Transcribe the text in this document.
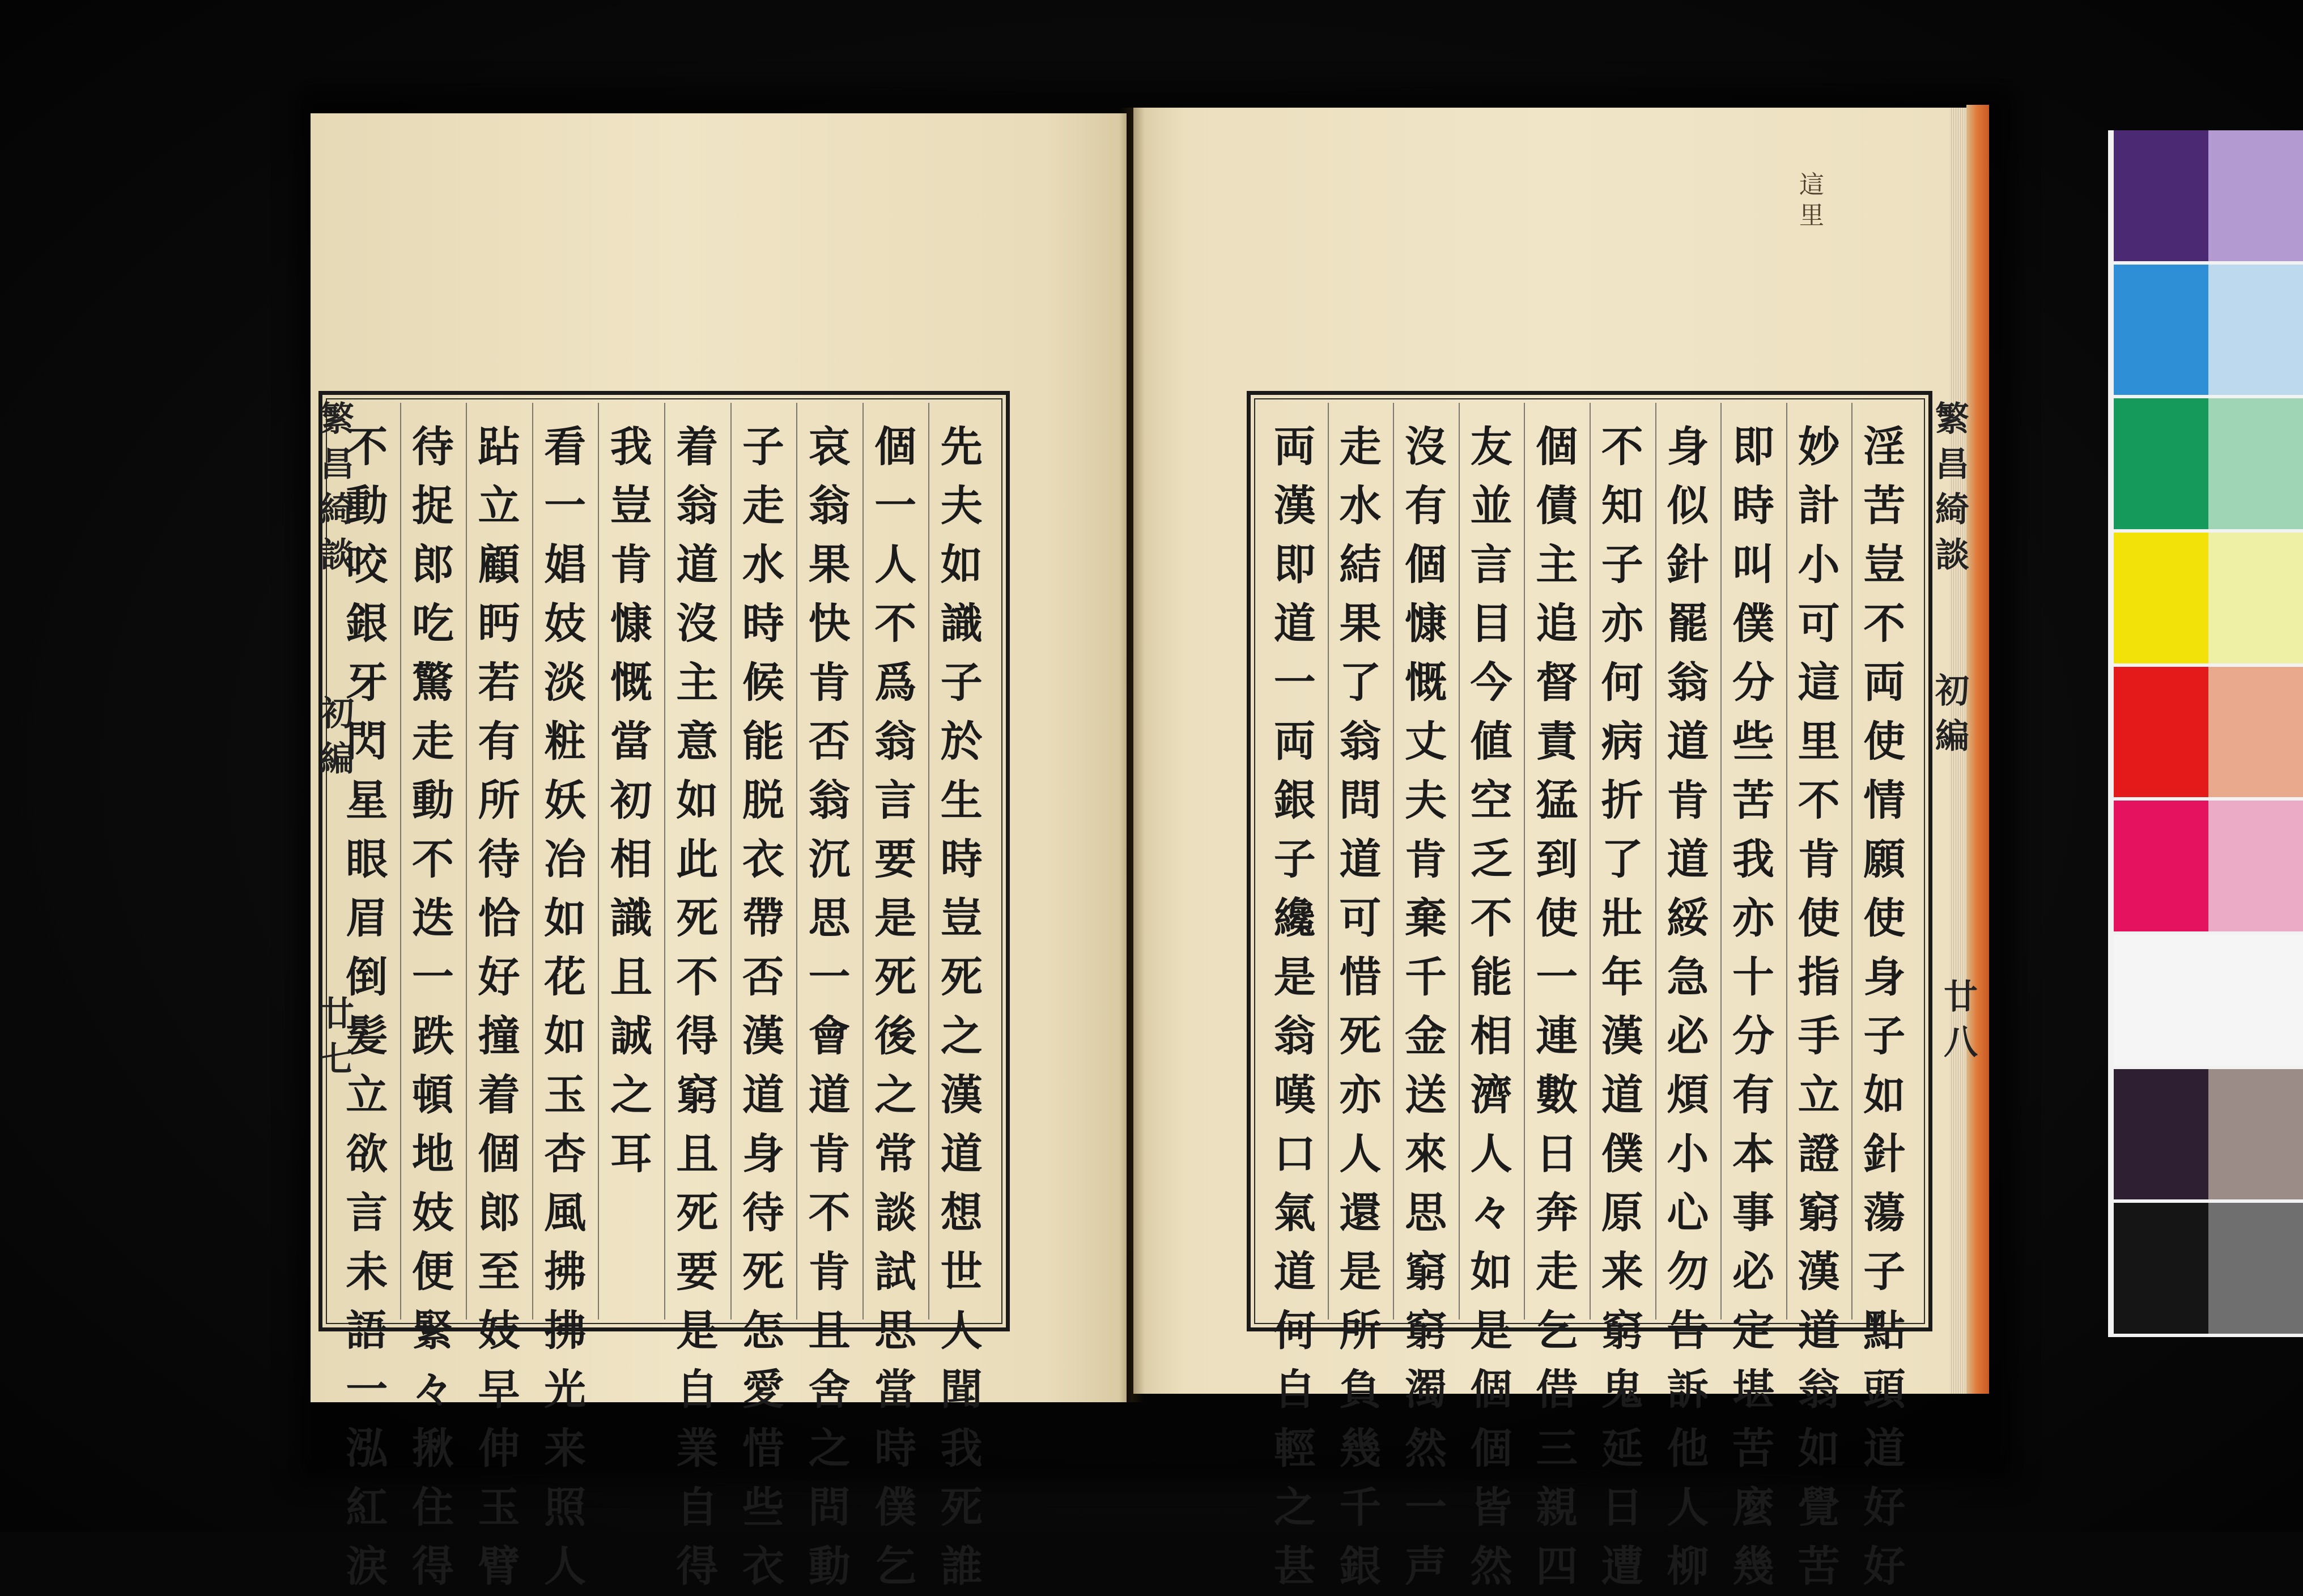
先
夫
如
識
子
於
生
時
豈
死
之
漢
道
想
世
人
聞
我
死
誰
個
一
人
不
爲
翁
言
要
是
死
後
之
常
談
試
思
當
時
僕
乞
哀
翁
果
快
肯
否
翁
沉
思
一
會
道
肯
不
肯
且
舍
之
問
動
子
走
水
時
候
能
脱
衣
帶
否
漢
道
身
待
死
怎
愛
惜
些
衣
着
翁
道
沒
主
意
如
此
死
不
得
窮
且
死
要
是
自
業
自
得
我
豈
肯
慷
慨
當
初
相
識
且
誠
之
耳
看
一
娼
妓
淡
粧
妖
冶
如
花
如
玉
杏
風
拂
拂
光
来
照
人
跕
立
顧
眄
若
有
所
待
恰
好
撞
着
個
郎
至
妓
早
伸
玉
臂
待
捉
郎
吃
驚
走
動
不
迭
一
跌
頓
地
妓
便
緊
々
揪
住
得
不
動
咬
銀
牙
閃
星
眼
眉
倒
髪
立
欲
言
未
語
一
泓
紅
涙
繁
昌
綺
談
初
編
廿
七
淫
苦
豈
不
両
使
情
願
使
身
子
如
針
蕩
子
點
頭
道
好
好
妙
計
小
可
這
里
不
肯
使
指
手
立
證
窮
漢
道
翁
如
覺
苦
即
時
叫
僕
分
些
苦
我
亦
十
分
有
本
事
必
定
堪
苦
麼
幾
身
似
針
罷
翁
道
肯
道
綏
急
必
煩
小
心
勿
告
訴
他
人
柳
不
知
子
亦
何
病
折
了
壯
年
漢
道
僕
原
来
窮
鬼
延
日
遭
個
債
主
追
督
責
猛
到
使
一
連
數
日
奔
走
乞
借
三
親
四
友
並
言
目
今
値
空
乏
不
能
相
濟
人
々
如
是
個
個
皆
然
沒
有
個
慷
慨
丈
夫
肯
棄
千
金
送
來
思
窮
窮
濁
然
一
声
走
水
結
果
了
翁
問
道
可
惜
死
亦
人
還
是
所
負
幾
千
銀
両
漢
即
道
一
両
銀
子
纔
是
翁
嘆
口
氣
道
何
自
輕
之
甚
繁
昌
綺
談
初
編
廿
八
這
里
